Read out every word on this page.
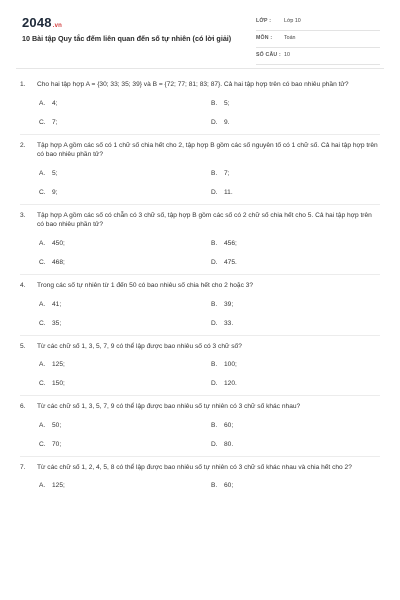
2048.vn
10 Bài tập Quy tắc đếm liên quan đến số tự nhiên (có lời giải)
LỚP : Lớp 10
MÔN : Toán
SỐ CÂU : 10
1.	Cho hai tập hợp A = {30; 33; 35; 39} và B = {72; 77; 81; 83; 87}. Cả hai tập hợp trên có bao nhiêu phần tử?
A. 4;	B. 5;
C. 7;	D. 9.
2.	Tập hợp A gồm các số có 1 chữ số chia hết cho 2, tập hợp B gồm các số nguyên tố có 1 chữ số. Cả hai tập hợp trên có bao nhiêu phần tử?
A. 5;	B. 7;
C. 9;	D. 11.
3.	Tập hợp A gồm các số có chẵn có 3 chữ số, tập hợp B gồm các số có 2 chữ số chia hết cho 5. Cả hai tập hợp trên có bao nhiêu phần tử?
A. 450;	B. 456;
C. 468;	D. 475.
4.	Trong các số tự nhiên từ 1 đến 50 có bao nhiêu số chia hết cho 2 hoặc 3?
A. 41;	B. 39;
C. 35;	D. 33.
5.	Từ các chữ số 1, 3, 5, 7, 9 có thể lập được bao nhiêu số có 3 chữ số?
A. 125;	B. 100;
C. 150;	D. 120.
6.	Từ các chữ số 1, 3, 5, 7, 9 có thể lập được bao nhiêu số tự nhiên có 3 chữ số khác nhau?
A. 50;	B. 60;
C. 70;	D. 80.
7.	Từ các chữ số 1, 2, 4, 5, 8 có thể lập được bao nhiêu số tự nhiên có 3 chữ số khác nhau và chia hết cho 2?
A. 125;	B. 60;
